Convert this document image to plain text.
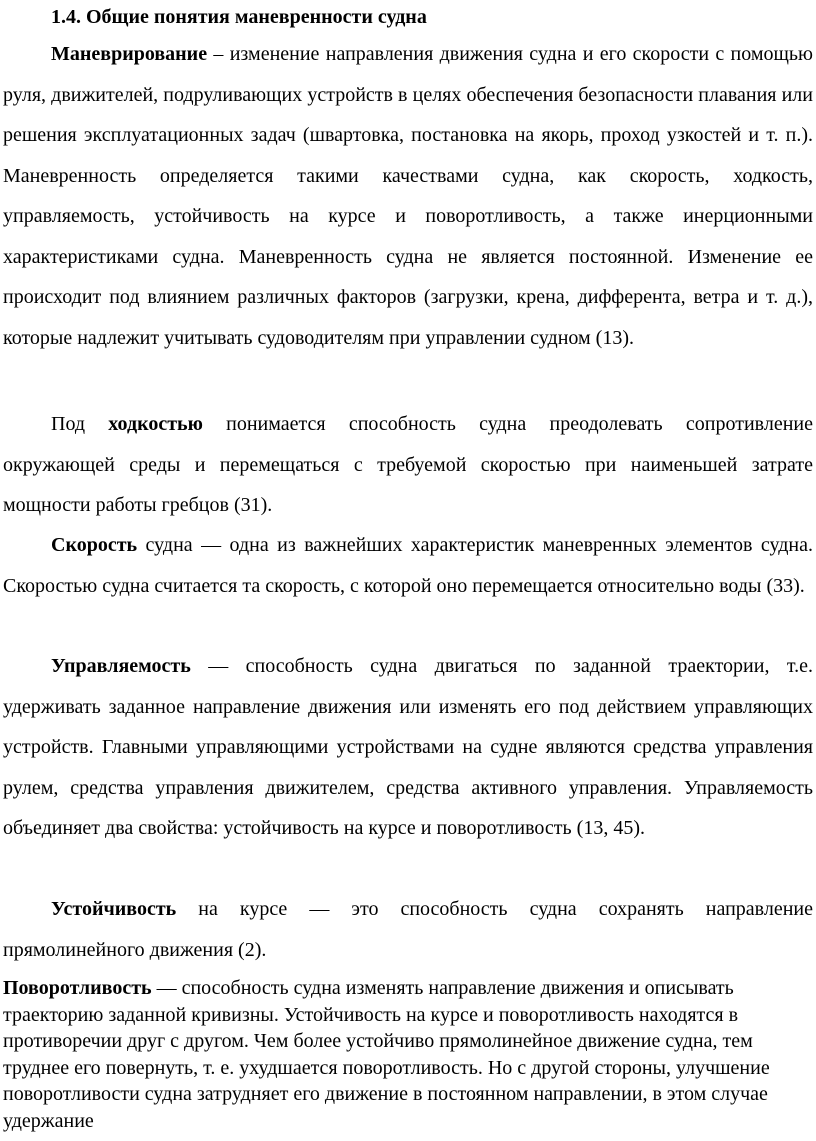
1.4. Общие понятия маневренности судна

Маневрирование – изменение направления движения судна и его скорости с помощью руля, движителей, подруливающих устройств в целях обеспечения безопасности плавания или решения эксплуатационных задач (швартовка, постановка на якорь, проход узкостей и т. п.). Маневренность определяется такими качествами судна, как скорость, ходкость, управляемость, устойчивость на курсе и поворотливость, а также инерционными характеристиками судна. Маневренность судна не является постоянной. Изменение ее происходит под влиянием различных факторов (загрузки, крена, дифферента, ветра и т. д.), которые надлежит учитывать судоводителям при управлении судном (13).

Под ходкостью понимается способность судна преодолевать сопротивление окружающей среды и перемещаться с требуемой скоростью при наименьшей затрате мощности работы гребцов (31).

Скорость судна — одна из важнейших характеристик маневренных элементов судна. Скоростью судна считается та скорость, с которой оно перемещается относительно воды (33).

Управляемость — способность судна двигаться по заданной траектории, т.е. удерживать заданное направление движения или изменять его под действием управляющих устройств. Главными управляющими устройствами на судне являются средства управления рулем, средства управления движителем, средства активного управления. Управляемость объединяет два свойства: устойчивость на курсе и поворотливость (13, 45).

Устойчивость на курсе — это способность судна сохранять направление прямолинейного движения (2).

Поворотливость — способность судна изменять направление движения и описывать траекторию заданной кривизны. Устойчивость на курсе и поворотливость находятся в противоречии друг с другом. Чем более устойчиво прямолинейное движение судна, тем труднее его повернуть, т. е. ухудшается поворотливость. Но с другой стороны, улучшение поворотливости судна затрудняет его движение в постоянном направлении, в этом случае удержание
